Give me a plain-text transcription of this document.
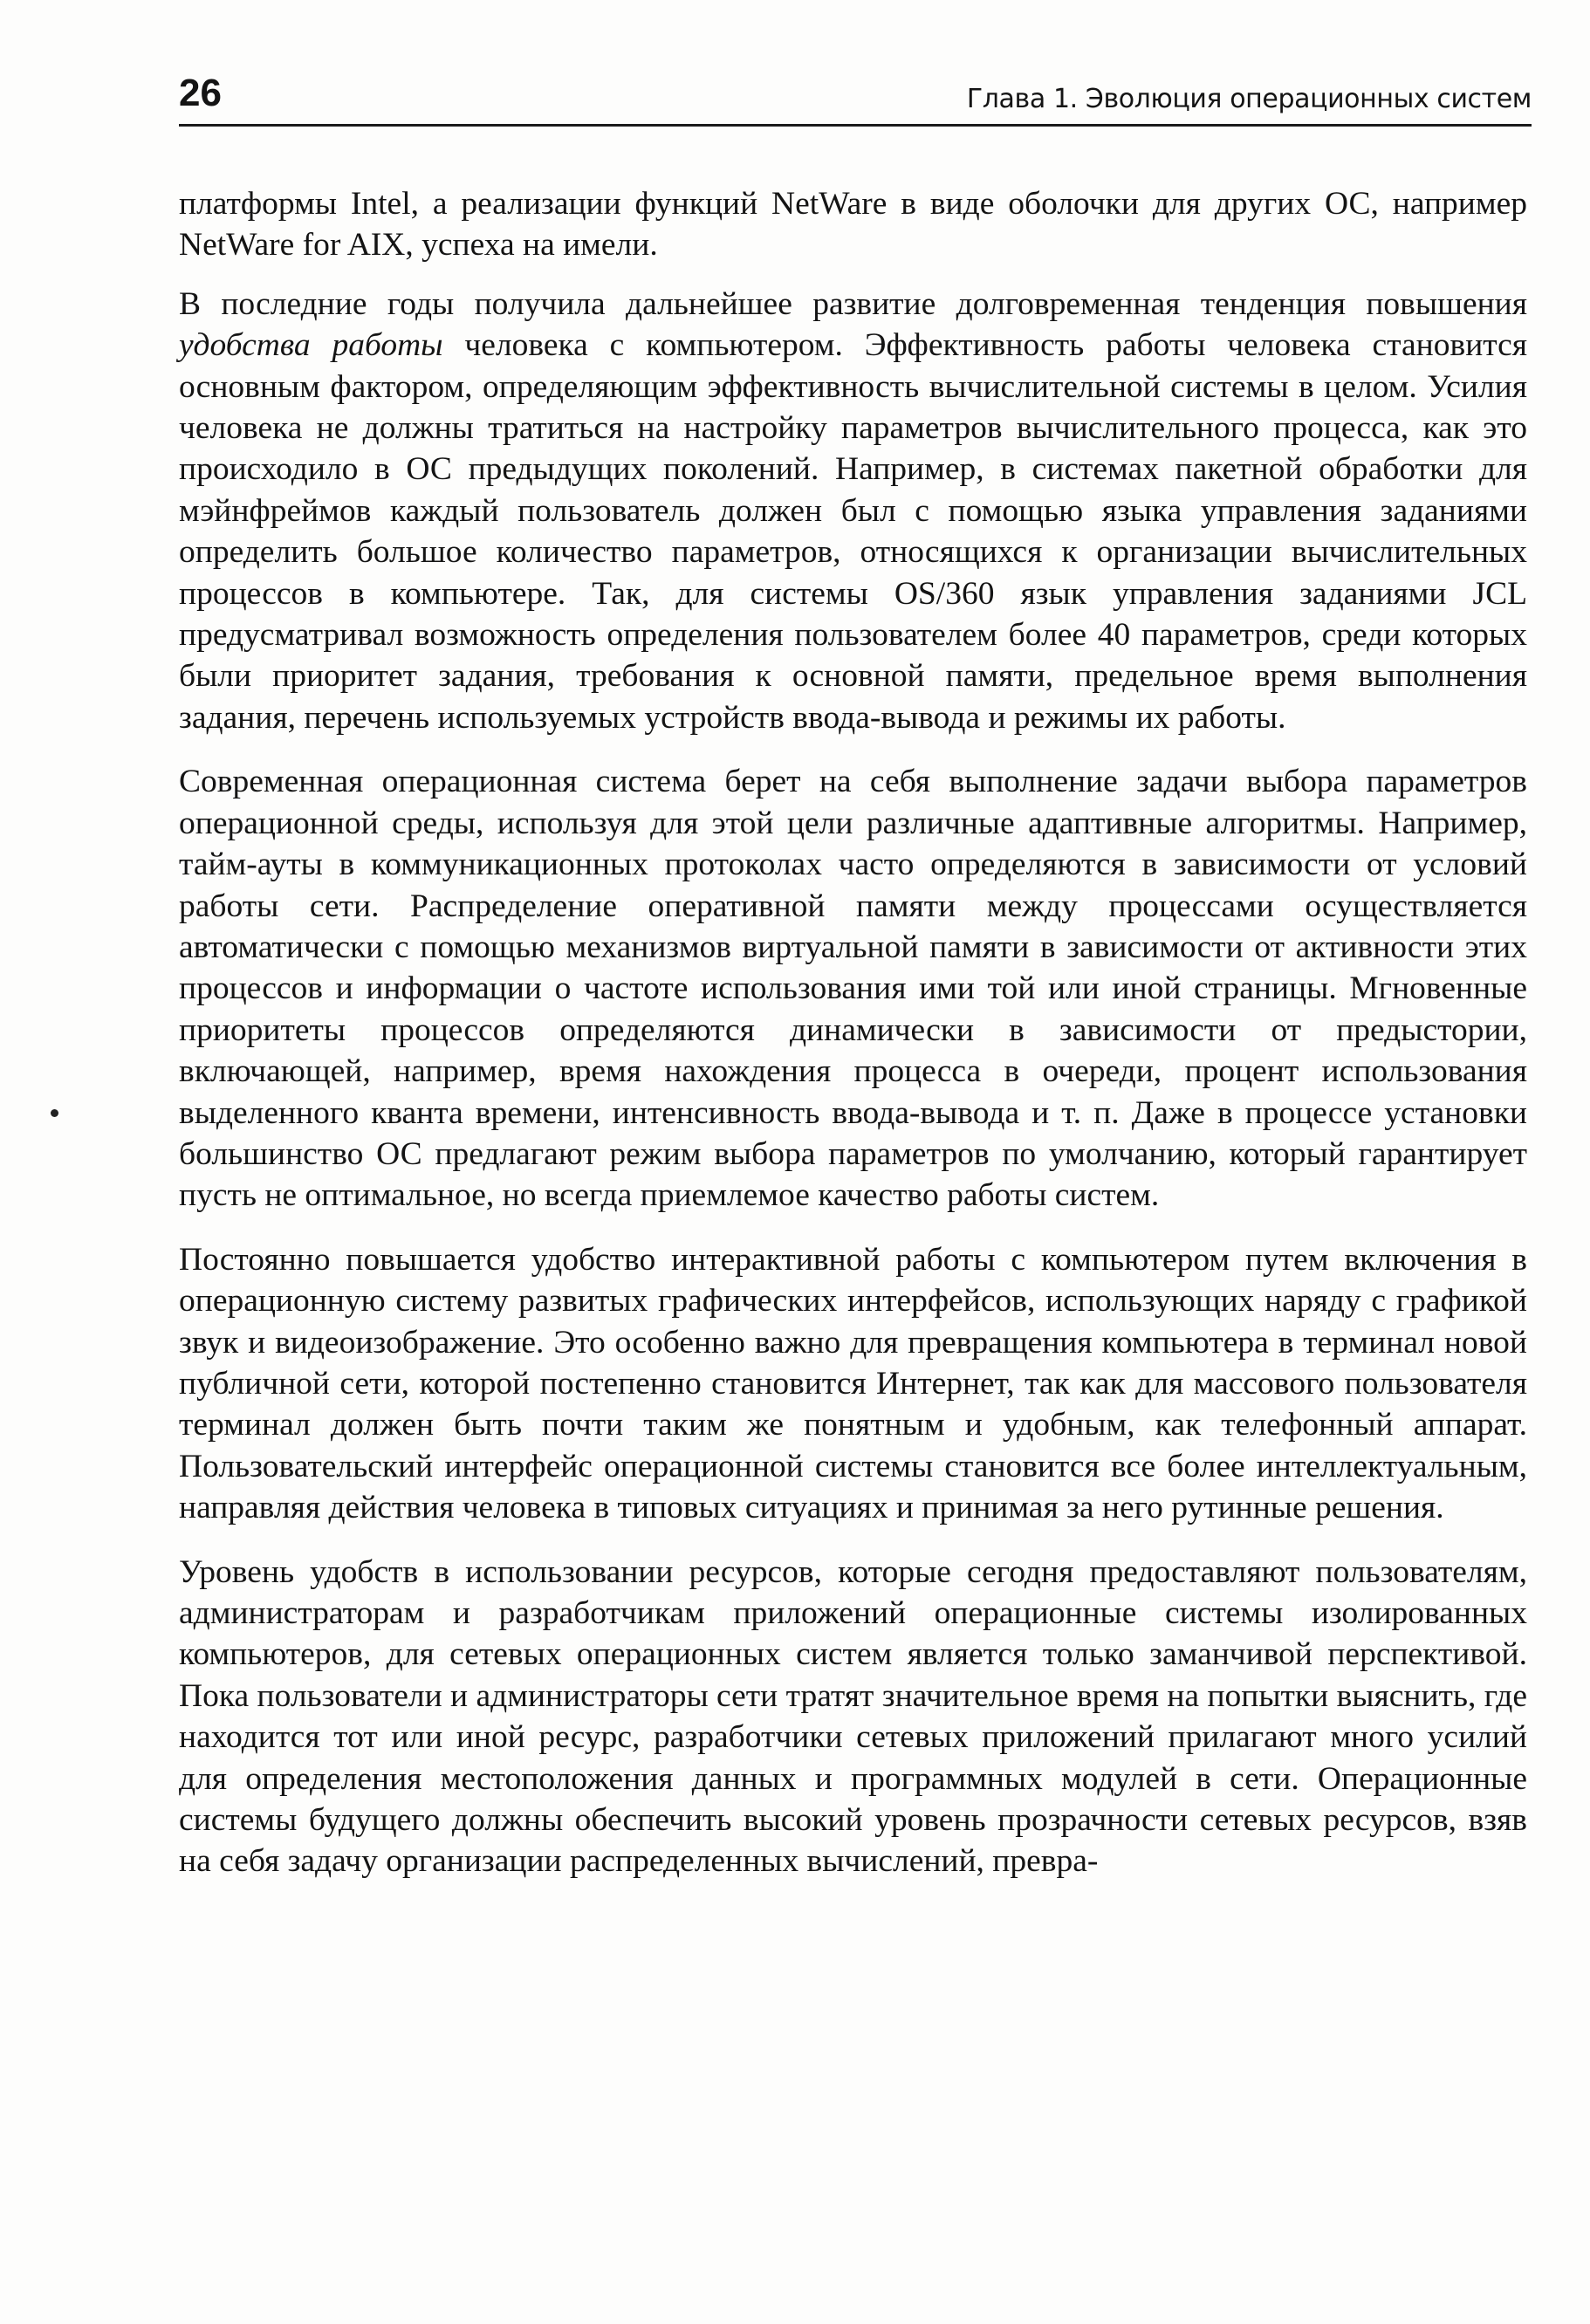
26	Глава 1. Эволюция операционных систем

платформы Intel, а реализации функций NetWare в виде оболочки для других ОС, например NetWare for AIX, успеха на имели.

В последние годы получила дальнейшее развитие долговременная тенденция повышения удобства работы человека с компьютером. Эффективность работы человека становится основным фактором, определяющим эффективность вычислительной системы в целом. Усилия человека не должны тратиться на настройку параметров вычислительного процесса, как это происходило в ОС предыдущих поколений. Например, в системах пакетной обработки для мэйнфреймов каждый пользователь должен был с помощью языка управления заданиями определить большое количество параметров, относящихся к организации вычислительных процессов в компьютере. Так, для системы OS/360 язык управления заданиями JCL предусматривал возможность определения пользователем более 40 параметров, среди которых были приоритет задания, требования к основной памяти, предельное время выполнения задания, перечень используемых устройств ввода-вывода и режимы их работы.

Современная операционная система берет на себя выполнение задачи выбора параметров операционной среды, используя для этой цели различные адаптивные алгоритмы. Например, тайм-ауты в коммуникационных протоколах часто определяются в зависимости от условий работы сети. Распределение оперативной памяти между процессами осуществляется автоматически с помощью механизмов виртуальной памяти в зависимости от активности этих процессов и информации о частоте использования ими той или иной страницы. Мгновенные приоритеты процессов определяются динамически в зависимости от предыстории, включающей, например, время нахождения процесса в очереди, процент использования выделенного кванта времени, интенсивность ввода-вывода и т. п. Даже в процессе установки большинство ОС предлагают режим выбора параметров по умолчанию, который гарантирует пусть не оптимальное, но всегда приемлемое качество работы систем.

Постоянно повышается удобство интерактивной работы с компьютером путем включения в операционную систему развитых графических интерфейсов, использующих наряду с графикой звук и видеоизображение. Это особенно важно для превращения компьютера в терминал новой публичной сети, которой постепенно становится Интернет, так как для массового пользователя терминал должен быть почти таким же понятным и удобным, как телефонный аппарат. Пользовательский интерфейс операционной системы становится все более интеллектуальным, направляя действия человека в типовых ситуациях и принимая за него рутинные решения.

Уровень удобств в использовании ресурсов, которые сегодня предоставляют пользователям, администраторам и разработчикам приложений операционные системы изолированных компьютеров, для сетевых операционных систем является только заманчивой перспективой. Пока пользователи и администраторы сети тратят значительное время на попытки выяснить, где находится тот или иной ресурс, разработчики сетевых приложений прилагают много усилий для определения местоположения данных и программных модулей в сети. Операционные системы будущего должны обеспечить высокий уровень прозрачности сетевых ресурсов, взяв на себя задачу организации распределенных вычислений, превра-
